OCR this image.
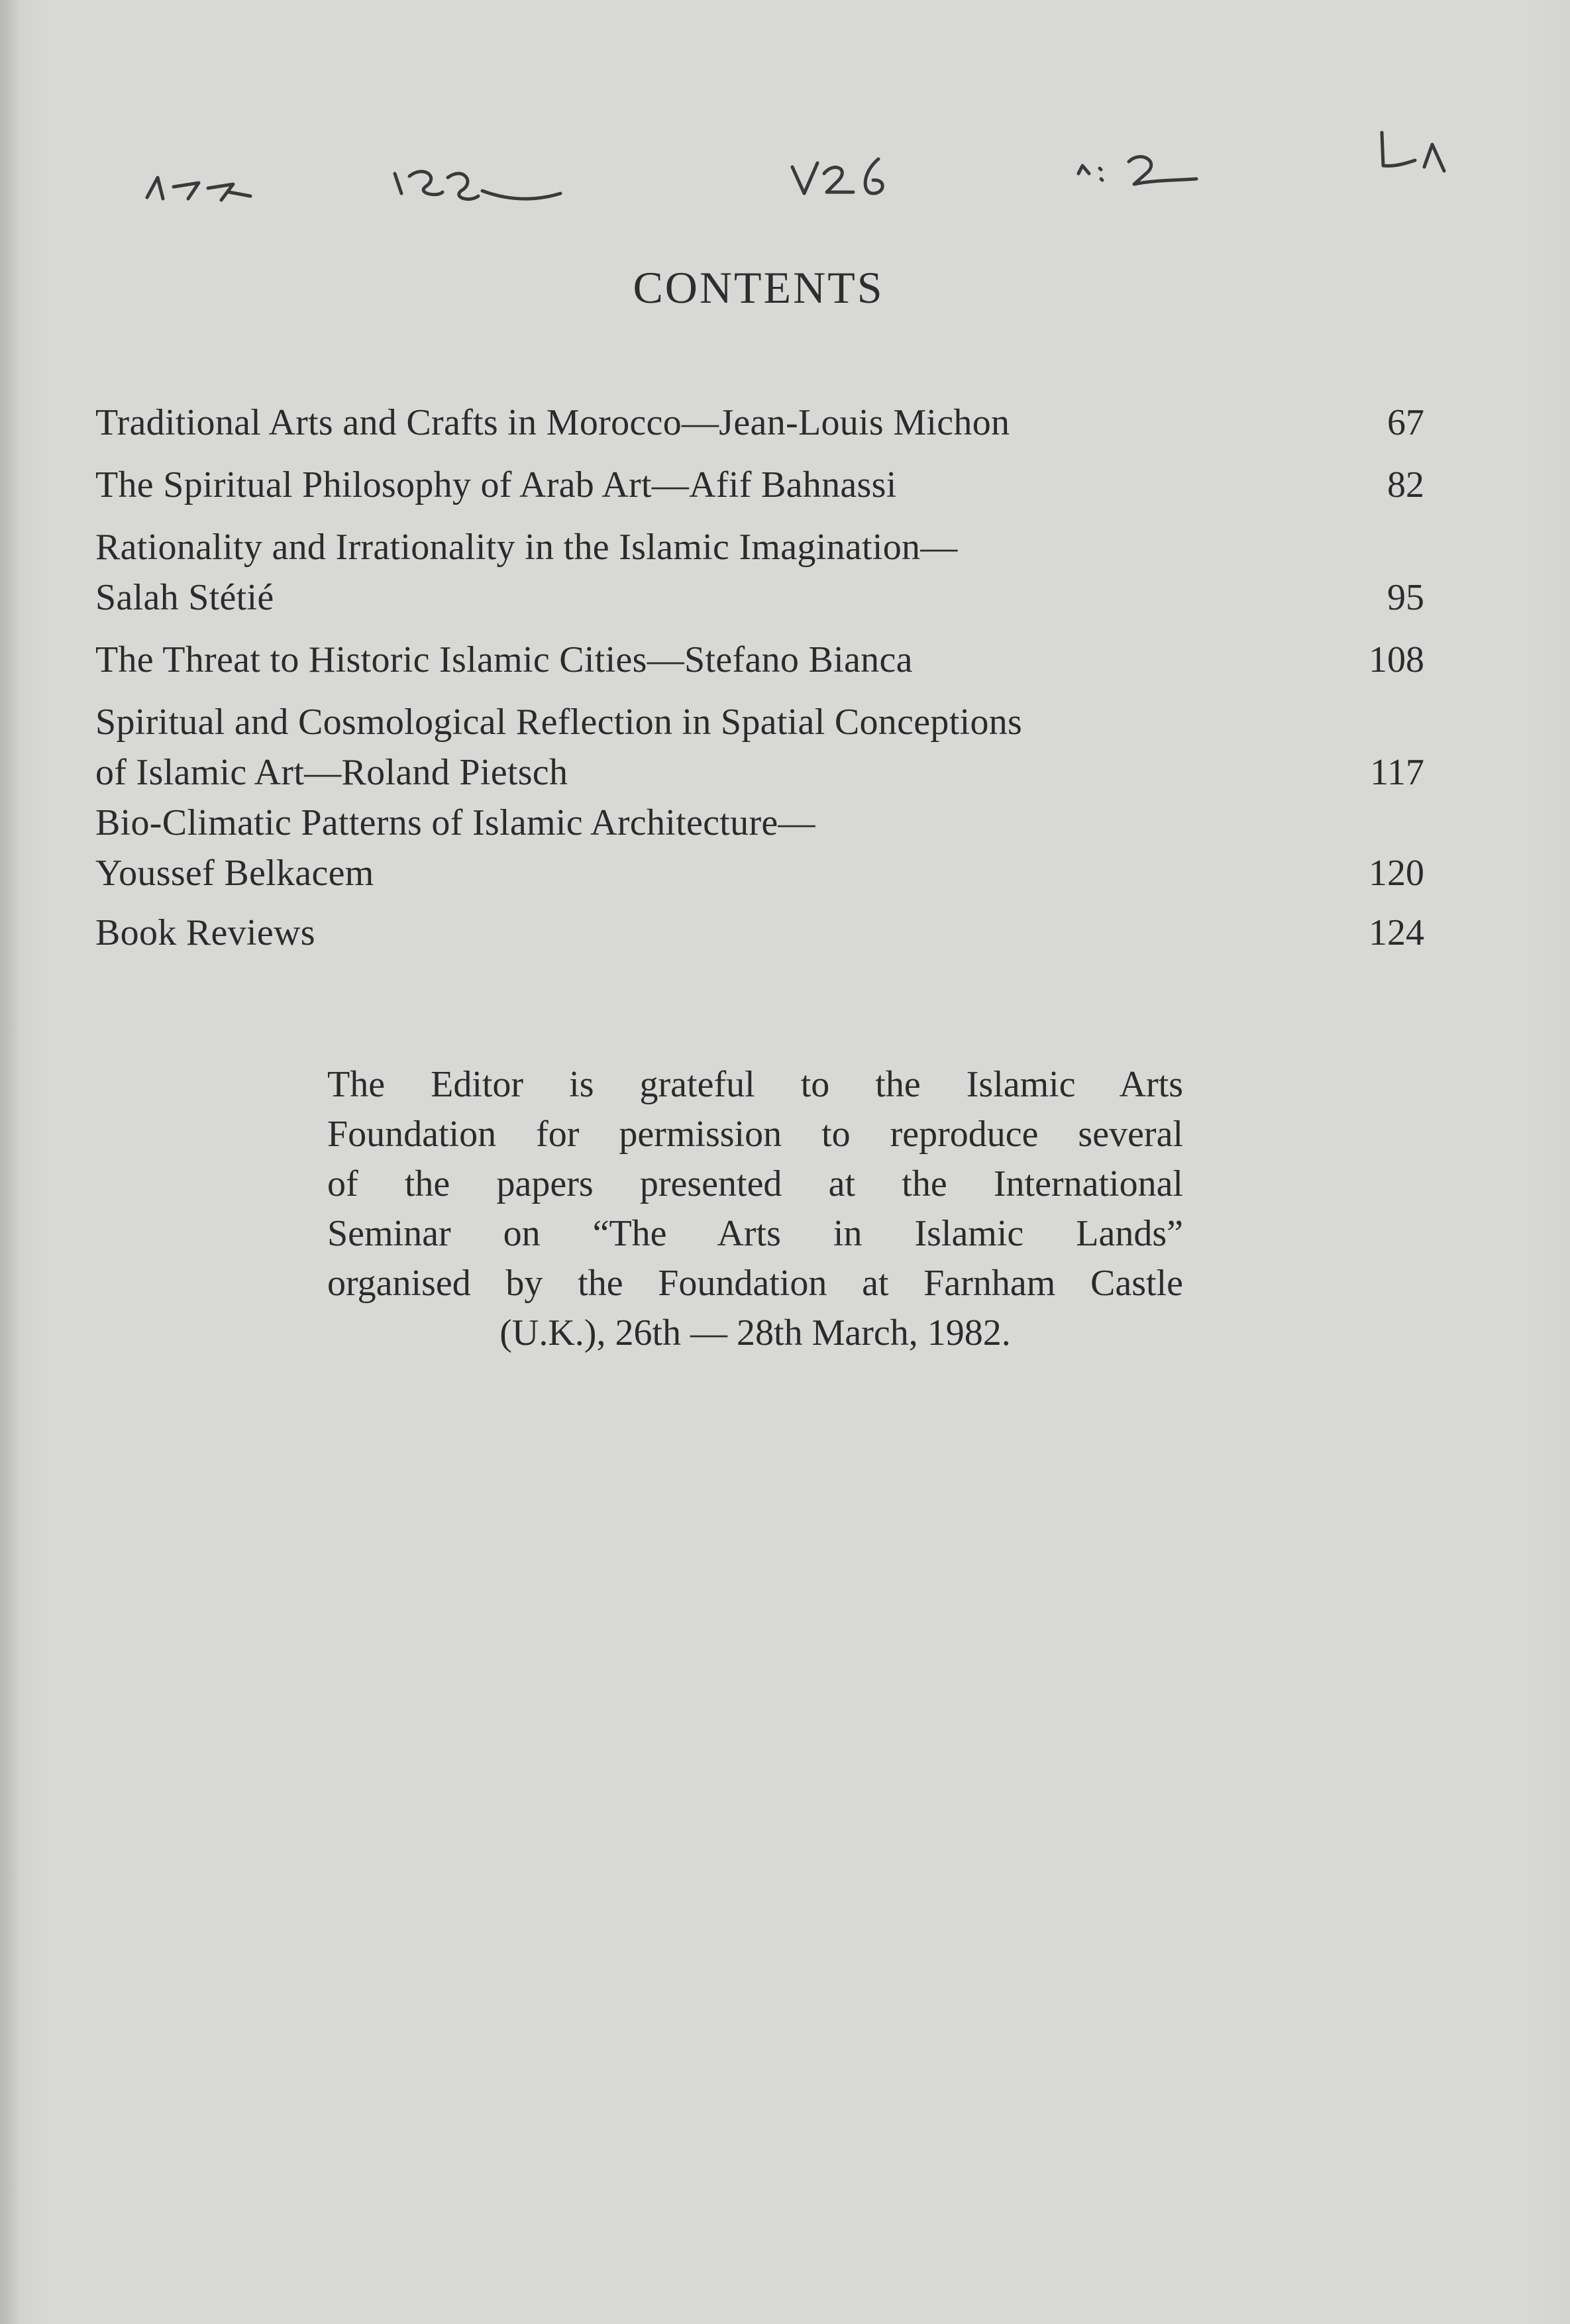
CONTENTS
Traditional Arts and Crafts in Morocco—Jean-Louis Michon	67
The Spiritual Philosophy of Arab Art—Afif Bahnassi	82
Rationality and Irrationality in the Islamic Imagination—
Salah Stétié	95
The Threat to Historic Islamic Cities—Stefano Bianca	108
Spiritual and Cosmological Reflection in Spatial Conceptions
of Islamic Art—Roland Pietsch	117
Bio-Climatic Patterns of Islamic Architecture—
Youssef Belkacem	120
Book Reviews	124
The Editor is grateful to the Islamic Arts
Foundation for permission to reproduce several
of the papers presented at the International
Seminar on “The Arts in Islamic Lands”
organised by the Foundation at Farnham Castle
(U.K.), 26th — 28th March, 1982.
